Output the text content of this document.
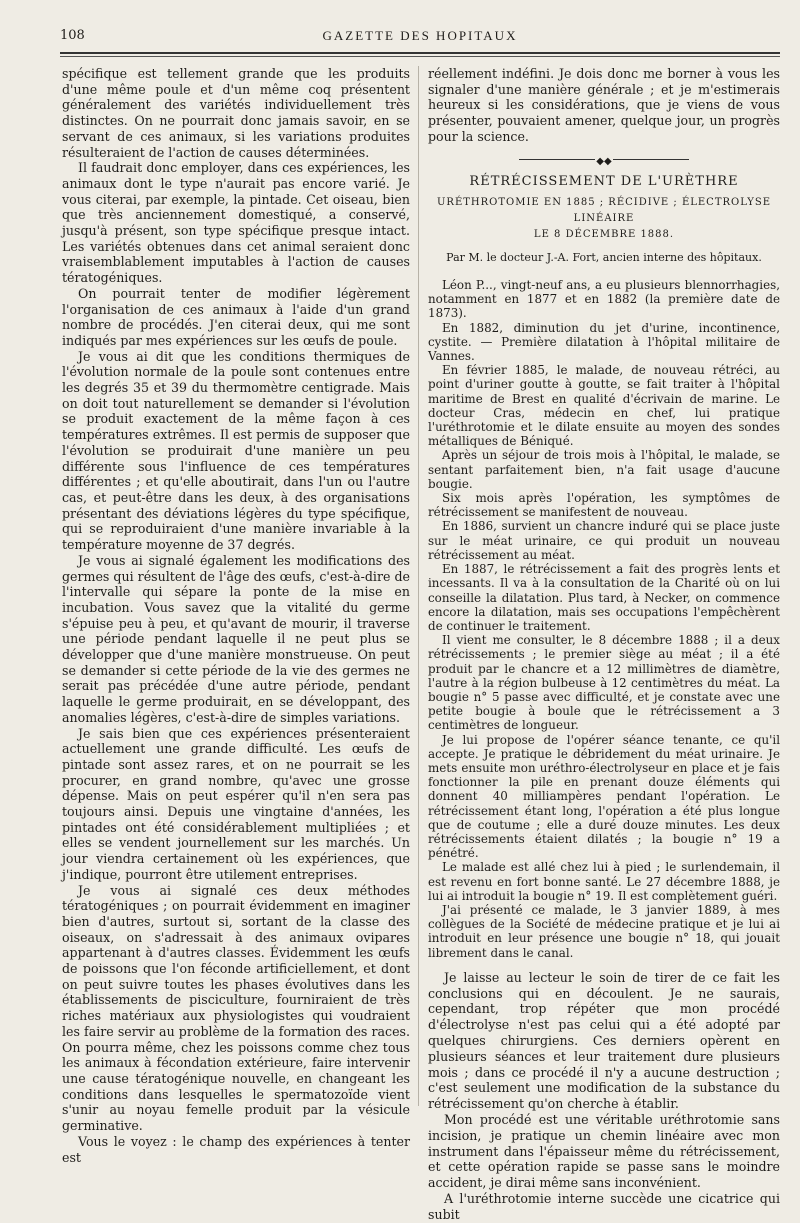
108	GAZETTE DES HOPITAUX

spécifique est tellement grande que les produits d'une même poule et d'un même coq présentent généralement des variétés individuellement très distinctes. On ne pourrait donc jamais savoir, en se servant de ces animaux, si les variations produites résulteraient de l'action de causes déterminées.

Il faudrait donc employer, dans ces expériences, les animaux dont le type n'aurait pas encore varié. Je vous citerai, par exemple, la pintade. Cet oiseau, bien que très anciennement domestiqué, a conservé, jusqu'à présent, son type spécifique presque intact. Les variétés obtenues dans cet animal seraient donc vraisemblablement imputables à l'action de causes tératogéniques.

On pourrait tenter de modifier légèrement l'organisation de ces animaux à l'aide d'un grand nombre de procédés. J'en citerai deux, qui me sont indiqués par mes expériences sur les œufs de poule.

Je vous ai dit que les conditions thermiques de l'évolution normale de la poule sont contenues entre les degrés 35 et 39 du thermomètre centigrade. Mais on doit tout naturellement se demander si l'évolution se produit exactement de la même façon à ces températures extrêmes. Il est permis de supposer que l'évolution se produirait d'une manière un peu différente sous l'influence de ces températures différentes ; et qu'elle aboutirait, dans l'un ou l'autre cas, et peut-être dans les deux, à des organisations présentant des déviations légères du type spécifique, qui se reproduiraient d'une manière invariable à la température moyenne de 37 degrés.

Je vous ai signalé également les modifications des germes qui résultent de l'âge des œufs, c'est-à-dire de l'intervalle qui sépare la ponte de la mise en incubation. Vous savez que la vitalité du germe s'épuise peu à peu, et qu'avant de mourir, il traverse une période pendant laquelle il ne peut plus se développer que d'une manière monstrueuse. On peut se demander si cette période de la vie des germes ne serait pas précédée d'une autre période, pendant laquelle le germe produirait, en se développant, des anomalies légères, c'est-à-dire de simples variations.

Je sais bien que ces expériences présenteraient actuellement une grande difficulté. Les œufs de pintade sont assez rares, et on ne pourrait se les procurer, en grand nombre, qu'avec une grosse dépense. Mais on peut espérer qu'il n'en sera pas toujours ainsi. Depuis une vingtaine d'années, les pintades ont été considérablement multipliées ; et elles se vendent journellement sur les marchés. Un jour viendra certainement où les expériences, que j'indique, pourront être utilement entreprises.

Je vous ai signalé ces deux méthodes tératogéniques ; on pourrait évidemment en imaginer bien d'autres, surtout si, sortant de la classe des oiseaux, on s'adressait à des animaux ovipares appartenant à d'autres classes. Évidemment les œufs de poissons que l'on féconde artificiellement, et dont on peut suivre toutes les phases évolutives dans les établissements de pisciculture, fourniraient de très riches matériaux aux physiologistes qui voudraient les faire servir au problème de la formation des races. On pourra même, chez les poissons comme chez tous les animaux à fécondation extérieure, faire intervenir une cause tératogénique nouvelle, en changeant les conditions dans lesquelles le spermatozoïde vient s'unir au noyau femelle produit par la vésicule germinative.

Vous le voyez : le champ des expériences à tenter est

réellement indéfini. Je dois donc me borner à vous les signaler d'une manière générale ; et je m'estimerais heureux si les considérations, que je viens de vous présenter, pouvaient amener, quelque jour, un progrès pour la science.

◆◆
RÉTRÉCISSEMENT DE L'URÈTHRE
URÉTHROTOMIE EN 1885 ; RÉCIDIVE ; ÉLECTROLYSE LINÉAIRE
LE 8 DÉCEMBRE 1888.
Par M. le docteur J.-A. Fort, ancien interne des hôpitaux.

Léon P..., vingt-neuf ans, a eu plusieurs blennorrhagies, notamment en 1877 et en 1882 (la première date de 1873).

En 1882, diminution du jet d'urine, incontinence, cystite. — Première dilatation à l'hôpital militaire de Vannes.

En février 1885, le malade, de nouveau rétréci, au point d'uriner goutte à goutte, se fait traiter à l'hôpital maritime de Brest en qualité d'écrivain de marine. Le docteur Cras, médecin en chef, lui pratique l'uréthrotomie et le dilate ensuite au moyen des sondes métalliques de Béniqué.

Après un séjour de trois mois à l'hôpital, le malade, se sentant parfaitement bien, n'a fait usage d'aucune bougie.

Six mois après l'opération, les symptômes de rétrécissement se manifestent de nouveau.

En 1886, survient un chancre induré qui se place juste sur le méat urinaire, ce qui produit un nouveau rétrécissement au méat.

En 1887, le rétrécissement a fait des progrès lents et incessants. Il va à la consultation de la Charité où on lui conseille la dilatation. Plus tard, à Necker, on commence encore la dilatation, mais ses occupations l'empêchèrent de continuer le traitement.

Il vient me consulter, le 8 décembre 1888 ; il a deux rétrécissements ; le premier siège au méat ; il a été produit par le chancre et a 12 millimètres de diamètre, l'autre à la région bulbeuse à 12 centimètres du méat. La bougie n° 5 passe avec difficulté, et je constate avec une petite bougie à boule que le rétrécissement a 3 centimètres de longueur.

Je lui propose de l'opérer séance tenante, ce qu'il accepte. Je pratique le débridement du méat urinaire. Je mets ensuite mon uréthro-électrolyseur en place et je fais fonctionner la pile en prenant douze éléments qui donnent 40 milliampères pendant l'opération. Le rétrécissement étant long, l'opération a été plus longue que de coutume ; elle a duré douze minutes. Les deux rétrécissements étaient dilatés ; la bougie n° 19 a pénétré.

Le malade est allé chez lui à pied ; le surlendemain, il est revenu en fort bonne santé. Le 27 décembre 1888, je lui ai introduit la bougie n° 19. Il est complètement guéri.

J'ai présenté ce malade, le 3 janvier 1889, à mes collègues de la Société de médecine pratique et je lui ai introduit en leur présence une bougie n° 18, qui jouait librement dans le canal.

Je laisse au lecteur le soin de tirer de ce fait les conclusions qui en découlent. Je ne saurais, cependant, trop répéter que mon procédé d'électrolyse n'est pas celui qui a été adopté par quelques chirurgiens. Ces derniers opèrent en plusieurs séances et leur traitement dure plusieurs mois ; dans ce procédé il n'y a aucune destruction ; c'est seulement une modification de la substance du rétrécissement qu'on cherche à établir.

Mon procédé est une véritable uréthrotomie sans incision, je pratique un chemin linéaire avec mon instrument dans l'épaisseur même du rétrécissement, et cette opération rapide se passe sans le moindre accident, je dirai même sans inconvénient.

A l'uréthrotomie interne succède une cicatrice qui subit
